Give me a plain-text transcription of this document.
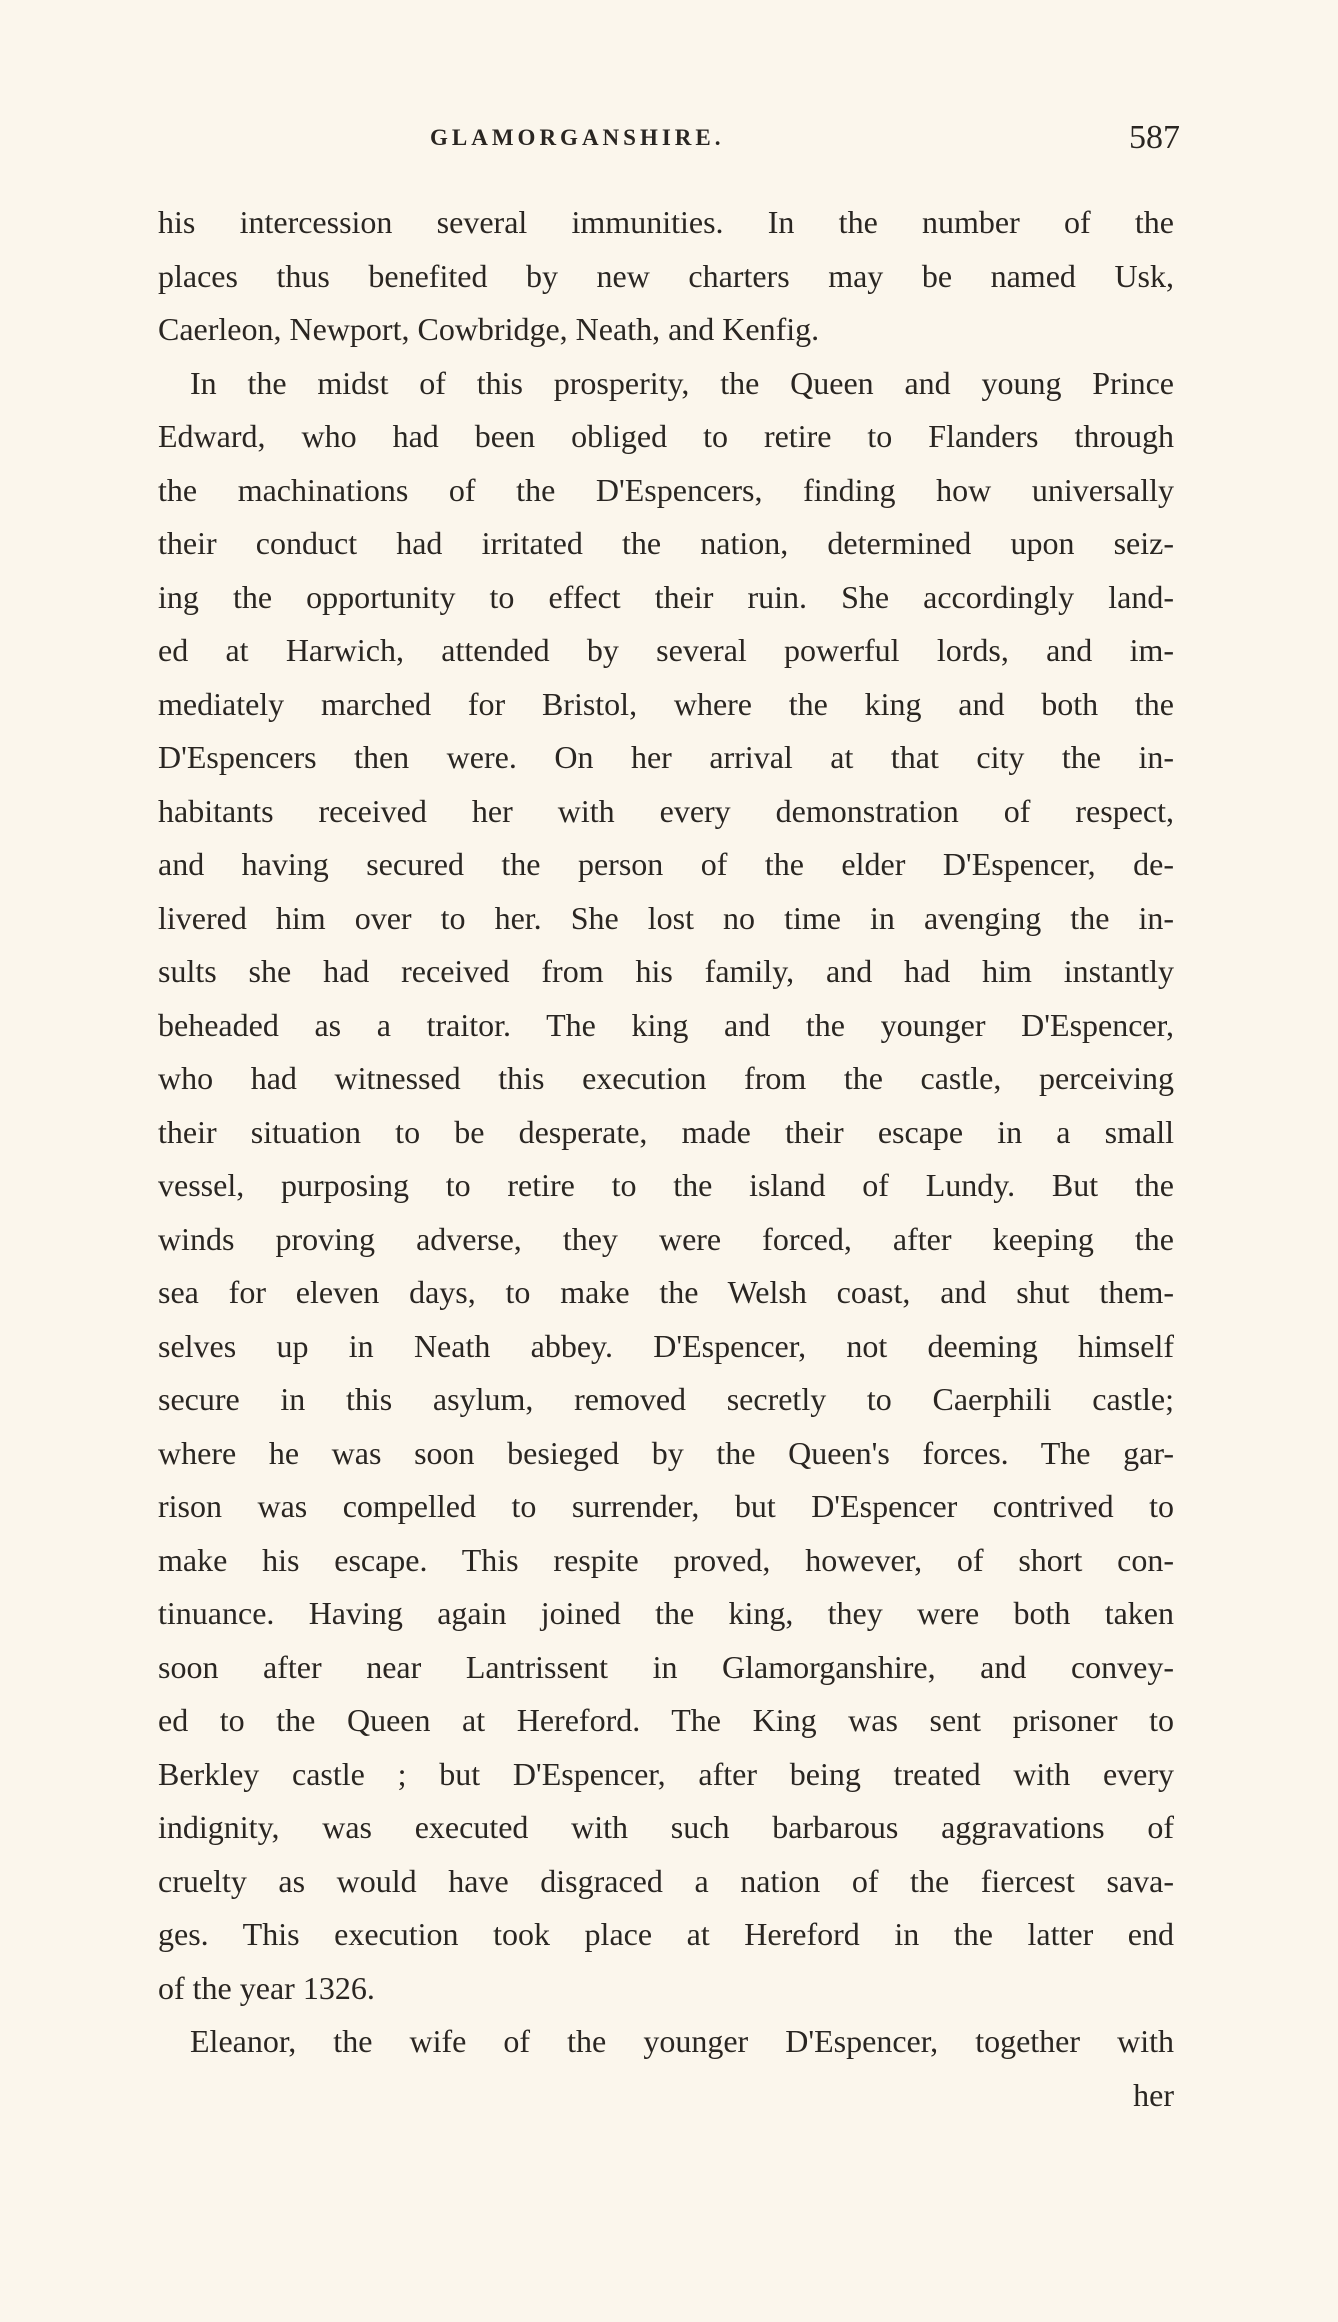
GLAMORGANSHIRE.	587
his intercession several immunities. In the number of the
places thus benefited by new charters may be named Usk,
Caerleon, Newport, Cowbridge, Neath, and Kenfig.
In the midst of this prosperity, the Queen and young Prince
Edward, who had been obliged to retire to Flanders through
the machinations of the D'Espencers, finding how universally
their conduct had irritated the nation, determined upon seiz-
ing the opportunity to effect their ruin. She accordingly land-
ed at Harwich, attended by several powerful lords, and im-
mediately marched for Bristol, where the king and both the
D'Espencers then were. On her arrival at that city the in-
habitants received her with every demonstration of respect,
and having secured the person of the elder D'Espencer, de-
livered him over to her. She lost no time in avenging the in-
sults she had received from his family, and had him instantly
beheaded as a traitor. The king and the younger D'Espencer,
who had witnessed this execution from the castle, perceiving
their situation to be desperate, made their escape in a small
vessel, purposing to retire to the island of Lundy. But the
winds proving adverse, they were forced, after keeping the
sea for eleven days, to make the Welsh coast, and shut them-
selves up in Neath abbey. D'Espencer, not deeming himself
secure in this asylum, removed secretly to Caerphili castle;
where he was soon besieged by the Queen's forces. The gar-
rison was compelled to surrender, but D'Espencer contrived to
make his escape. This respite proved, however, of short con-
tinuance. Having again joined the king, they were both taken
soon after near Lantrissent in Glamorganshire, and convey-
ed to the Queen at Hereford. The King was sent prisoner to
Berkley castle ; but D'Espencer, after being treated with every
indignity, was executed with such barbarous aggravations of
cruelty as would have disgraced a nation of the fiercest sava-
ges. This execution took place at Hereford in the latter end
of the year 1326.
Eleanor, the wife of the younger D'Espencer, together with
her
